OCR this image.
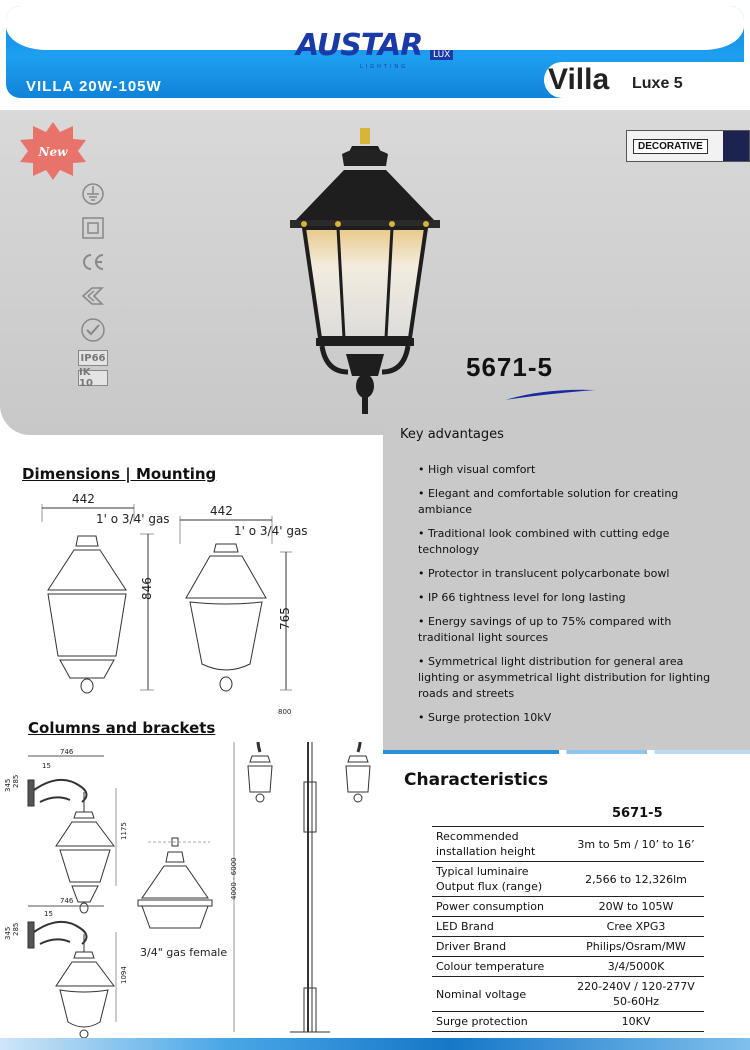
AUSTAR	LUX
LIGHTING
VILLA 20W-105W	Villa Luxe 5
New
IP66
IK 10
DECORATIVE
5671-5
Key advantages
• High visual comfort
• Elegant and comfortable solution for creating ambiance
• Traditional look combined with cutting edge technology
• Protector in translucent polycarbonate bowl
• IP 66 tightness level for long lasting
• Energy savings of up to 75% compared with traditional light sources
• Symmetrical light distribution for general area lighting or asymmetrical light distribution for lighting roads and streets
• Surge protection 10kV
Dimensions | Mounting
442
1' o 3/4' gas
846
442
1' o 3/4' gas
765
Columns and brackets
746
345 285
15
1175
746
345 285
15
1094
3/4" gas female
800
4000 - 6000
Characteristics
5671-5
Recommended installation height	3m to 5m / 10’ to 16’
Typical luminaire Output flux (range)	2,566 to 12,326lm
Power consumption	20W to 105W
LED Brand	Cree XPG3
Driver Brand	Philips/Osram/MW
Colour temperature	3/4/5000K
Nominal voltage	220-240V / 120-277V 50-60Hz
Surge protection	10KV
